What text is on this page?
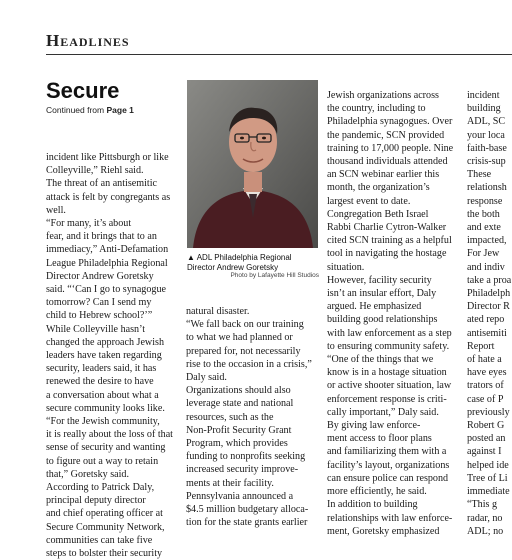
Headlines
Secure
Continued from Page 1

incident like Pittsburgh or like

Colleyville,” Riehl said.

The threat of an antisemitic

attack is felt by congregants as

well.

“For many, it’s about

fear, and it brings that to an

immediacy,” Anti-Defamation

League Philadelphia Regional

Director Andrew Goretsky

said. “‘Can I go to synagogue

tomorrow? Can I send my

child to Hebrew school?’”

While Colleyville hasn’t

changed the approach Jewish

leaders have taken regarding

security, leaders said, it has

renewed the desire to have

a conversation about what a

secure community looks like.

“For the Jewish community,

it is really about the loss of that

sense of security and wanting

to figure out a way to retain

that,” Goretsky said.

According to Patrick Daly,

principal deputy director

and chief operating officer at

Secure Community Network,

communities can take five

steps to bolster their security

▲ ADL Philadelphia Regional Director Andrew Goretsky
Photo by Lafayette Hill Studios

natural disaster.

“We fall back on our training

to what we had planned or

prepared for, not necessarily

rise to the occasion in a crisis,”

Daly said.

Organizations should also

leverage state and national

resources, such as the

Non-Profit Security Grant

Program, which provides

funding to nonprofits seeking

increased security improve-

ments at their facility.

Pennsylvania announced a

$4.5 million budgetary alloca-

tion for the state grants earlier

Jewish organizations across

the country, including to

Philadelphia synagogues. Over

the pandemic, SCN provided

training to 17,000 people. Nine

thousand individuals attended

an SCN webinar earlier this

month, the organization’s

largest event to date.

Congregation Beth Israel

Rabbi Charlie Cytron-Walker

cited SCN training as a helpful

tool in navigating the hostage

situation.

However, facility security

isn’t an insular effort, Daly

argued. He emphasized

building good relationships

with law enforcement as a step

to ensuring community safety.

“One of the things that we

know is in a hostage situation

or active shooter situation, law

enforcement response is criti-

cally important,” Daly said.

By giving law enforce-

ment access to floor plans

and familiarizing them with a

facility’s layout, organizations

can ensure police can respond

more efficiently, he said.

In addition to building

relationships with law enforce-

ment, Goretsky emphasized

incident

building

ADL, SC

your loca

faith-base

crisis-sup

These

relationsh

response

the both

and exte

impacted,

For Jew

and indiv

take a proa

Philadelph

Director R

ated repo

antisemiti

Report

of hate a

have eyes

trators of

case of P

previously

Robert G

posted an

against I

helped ide

Tree of Li

immediate

“This g

radar, no

ADL; no
